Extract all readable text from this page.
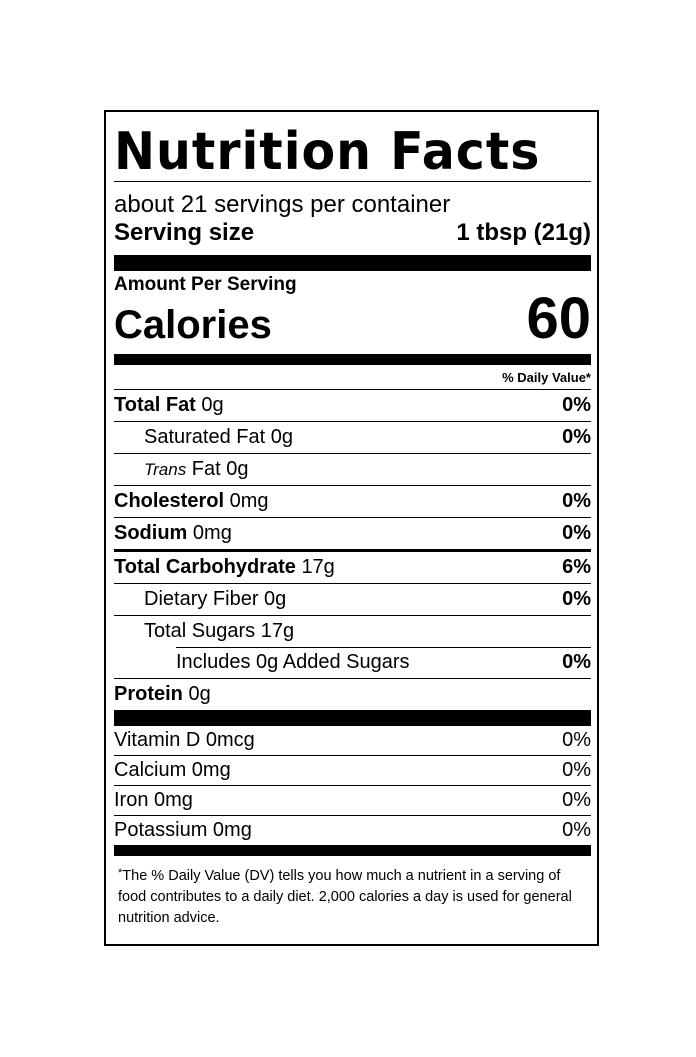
Nutrition Facts
about 21 servings per container
Serving size	1 tbsp (21g)
Amount Per Serving
Calories	60
% Daily Value*
Total Fat 0g	0%
Saturated Fat 0g	0%
Trans Fat 0g
Cholesterol 0mg	0%
Sodium 0mg	0%
Total Carbohydrate 17g	6%
Dietary Fiber 0g	0%
Total Sugars 17g
Includes 0g Added Sugars	0%
Protein 0g
Vitamin D 0mcg	0%
Calcium 0mg	0%
Iron 0mg	0%
Potassium 0mg	0%
*The % Daily Value (DV) tells you how much a nutrient in a serving of food contributes to a daily diet. 2,000 calories a day is used for general nutrition advice.
